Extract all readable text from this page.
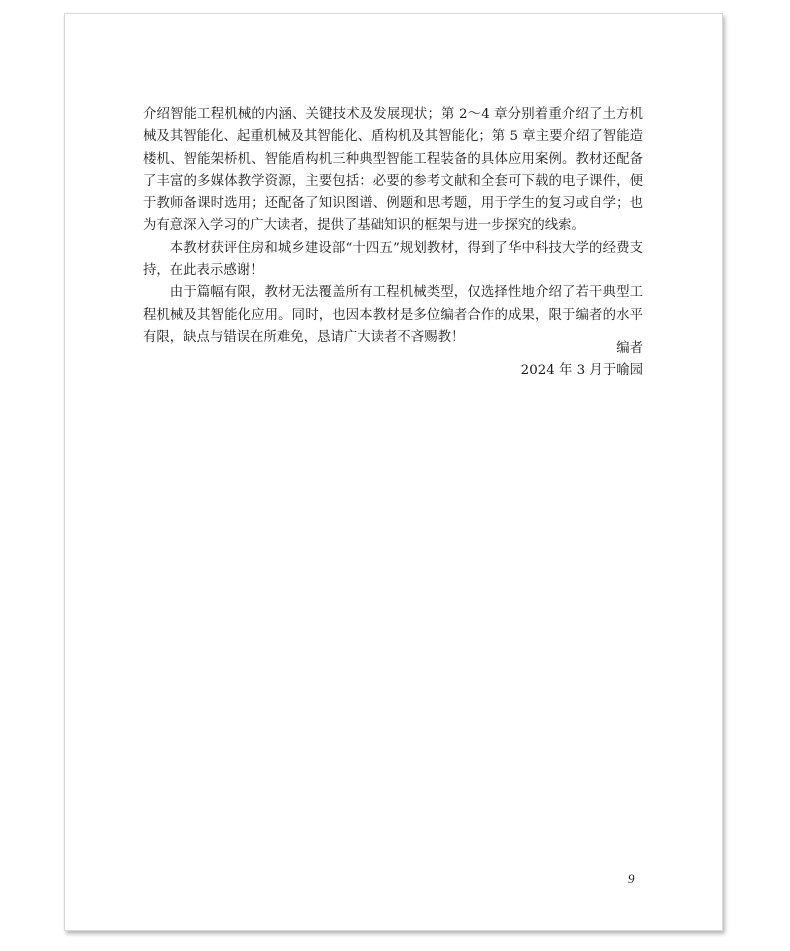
介绍智能工程机械的内涵、关键技术及发展现状；第 2～4 章分别着重介绍了土方机械及其智能化、起重机械及其智能化、盾构机及其智能化；第 5 章主要介绍了智能造楼机、智能架桥机、智能盾构机三种典型智能工程装备的具体应用案例。教材还配备了丰富的多媒体教学资源，主要包括：必要的参考文献和全套可下载的电子课件，便于教师备课时选用；还配备了知识图谱、例题和思考题，用于学生的复习或自学；也为有意深入学习的广大读者，提供了基础知识的框架与进一步探究的线索。

本教材获评住房和城乡建设部“十四五”规划教材，得到了华中科技大学的经费支持，在此表示感谢！

由于篇幅有限，教材无法覆盖所有工程机械类型，仅选择性地介绍了若干典型工程机械及其智能化应用。同时，也因本教材是多位编者合作的成果，限于编者的水平有限，缺点与错误在所难免，恳请广大读者不吝赐教！

编者
2024 年 3 月于喻园
9
